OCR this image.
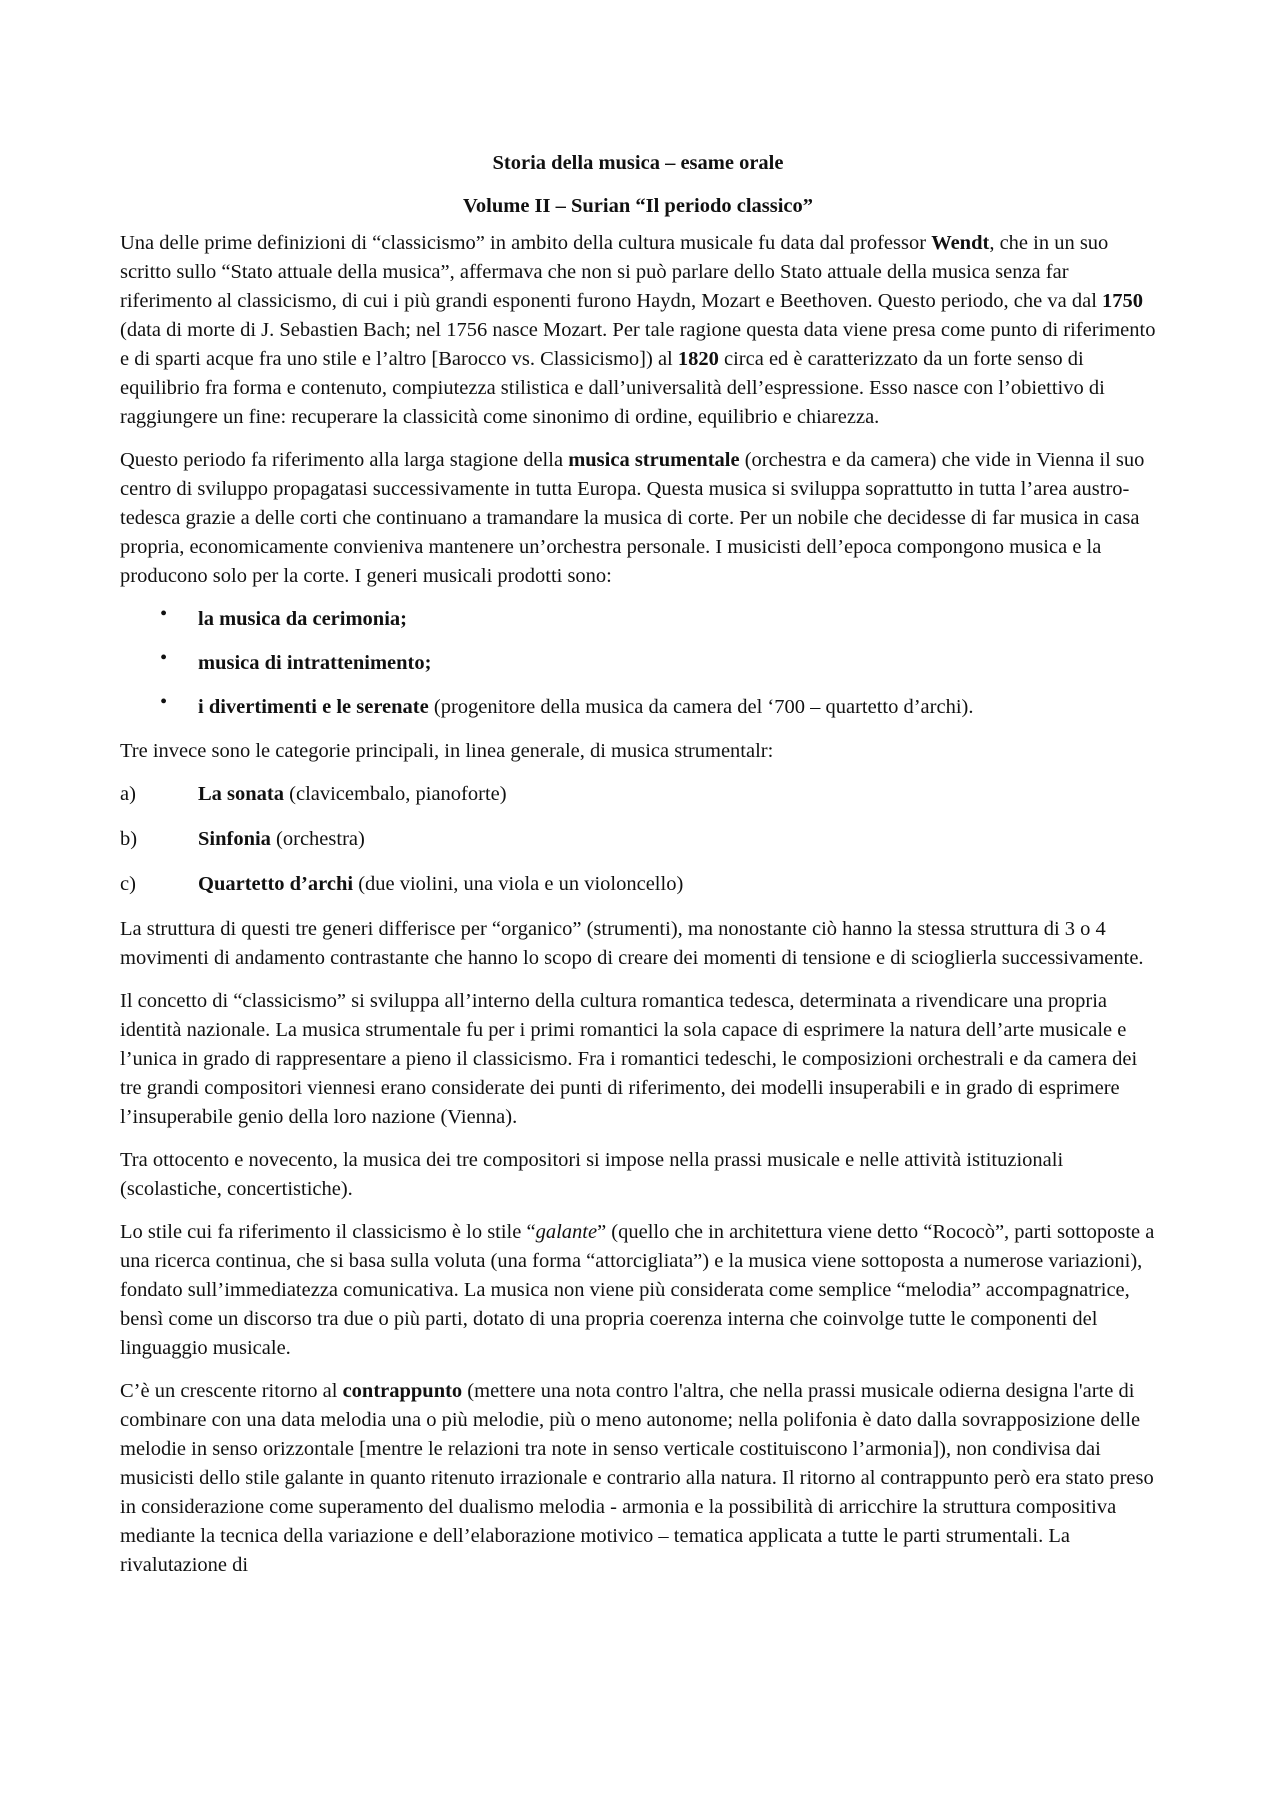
Storia della musica – esame orale
Volume II – Surian “Il periodo classico”

Una delle prime definizioni di “classicismo” in ambito della cultura musicale fu data dal professor Wendt, che in un suo scritto sullo “Stato attuale della musica”, affermava che non si può parlare dello Stato attuale della musica senza far riferimento al classicismo, di cui i più grandi esponenti furono Haydn, Mozart e Beethoven. Questo periodo, che va dal 1750 (data di morte di J. Sebastien Bach; nel 1756 nasce Mozart. Per tale ragione questa data viene presa come punto di riferimento e di sparti acque fra uno stile e l’altro [Barocco vs. Classicismo]) al 1820 circa ed è caratterizzato da un forte senso di equilibrio fra forma e contenuto, compiutezza stilistica e dall’universalità dell’espressione. Esso nasce con l’obiettivo di raggiungere un fine: recuperare la classicità come sinonimo di ordine, equilibrio e chiarezza.

Questo periodo fa riferimento alla larga stagione della musica strumentale (orchestra e da camera) che vide in Vienna il suo centro di sviluppo propagatasi successivamente in tutta Europa. Questa musica si sviluppa soprattutto in tutta l’area austro-tedesca grazie a delle corti che continuano a tramandare la musica di corte. Per un nobile che decidesse di far musica in casa propria, economicamente convieniva mantenere un’orchestra personale. I musicisti dell’epoca compongono musica e la producono solo per la corte. I generi musicali prodotti sono:

• la musica da cerimonia;
• musica di intrattenimento;
• i divertimenti e le serenate (progenitore della musica da camera del ‘700 – quartetto d’archi).

Tre invece sono le categorie principali, in linea generale, di musica strumentalr:

a)	La sonata (clavicembalo, pianoforte)
b)	Sinfonia (orchestra)
c)	Quartetto d’archi (due violini, una viola e un violoncello)

La struttura di questi tre generi differisce per “organico” (strumenti), ma nonostante ciò hanno la stessa struttura di 3 o 4 movimenti di andamento contrastante che hanno lo scopo di creare dei momenti di tensione e di scioglierla successivamente.

Il concetto di “classicismo” si sviluppa all’interno della cultura romantica tedesca, determinata a rivendicare una propria identità nazionale. La musica strumentale fu per i primi romantici la sola capace di esprimere la natura dell’arte musicale e l’unica in grado di rappresentare a pieno il classicismo. Fra i romantici tedeschi, le composizioni orchestrali e da camera dei tre grandi compositori viennesi erano considerate dei punti di riferimento, dei modelli insuperabili e in grado di esprimere l’insuperabile genio della loro nazione (Vienna).

Tra ottocento e novecento, la musica dei tre compositori si impose nella prassi musicale e nelle attività istituzionali (scolastiche, concertistiche).

Lo stile cui fa riferimento il classicismo è lo stile “galante” (quello che in architettura viene detto “Rococò”, parti sottoposte a una ricerca continua, che si basa sulla voluta (una forma “attorcigliata”) e la musica viene sottoposta a numerose variazioni), fondato sull’immediatezza comunicativa. La musica non viene più considerata come semplice “melodia” accompagnatrice, bensì come un discorso tra due o più parti, dotato di una propria coerenza interna che coinvolge tutte le componenti del linguaggio musicale.

C’è un crescente ritorno al contrappunto (mettere una nota contro l'altra, che nella prassi musicale odierna designa l'arte di combinare con una data melodia una o più melodie, più o meno autonome; nella polifonia è dato dalla sovrapposizione delle melodie in senso orizzontale [mentre le relazioni tra note in senso verticale costituiscono l’armonia]), non condivisa dai musicisti dello stile galante in quanto ritenuto irrazionale e contrario alla natura. Il ritorno al contrappunto però era stato preso in considerazione come superamento del dualismo melodia - armonia e la possibilità di arricchire la struttura compositiva mediante la tecnica della variazione e dell’elaborazione motivico – tematica applicata a tutte le parti strumentali. La rivalutazione di
